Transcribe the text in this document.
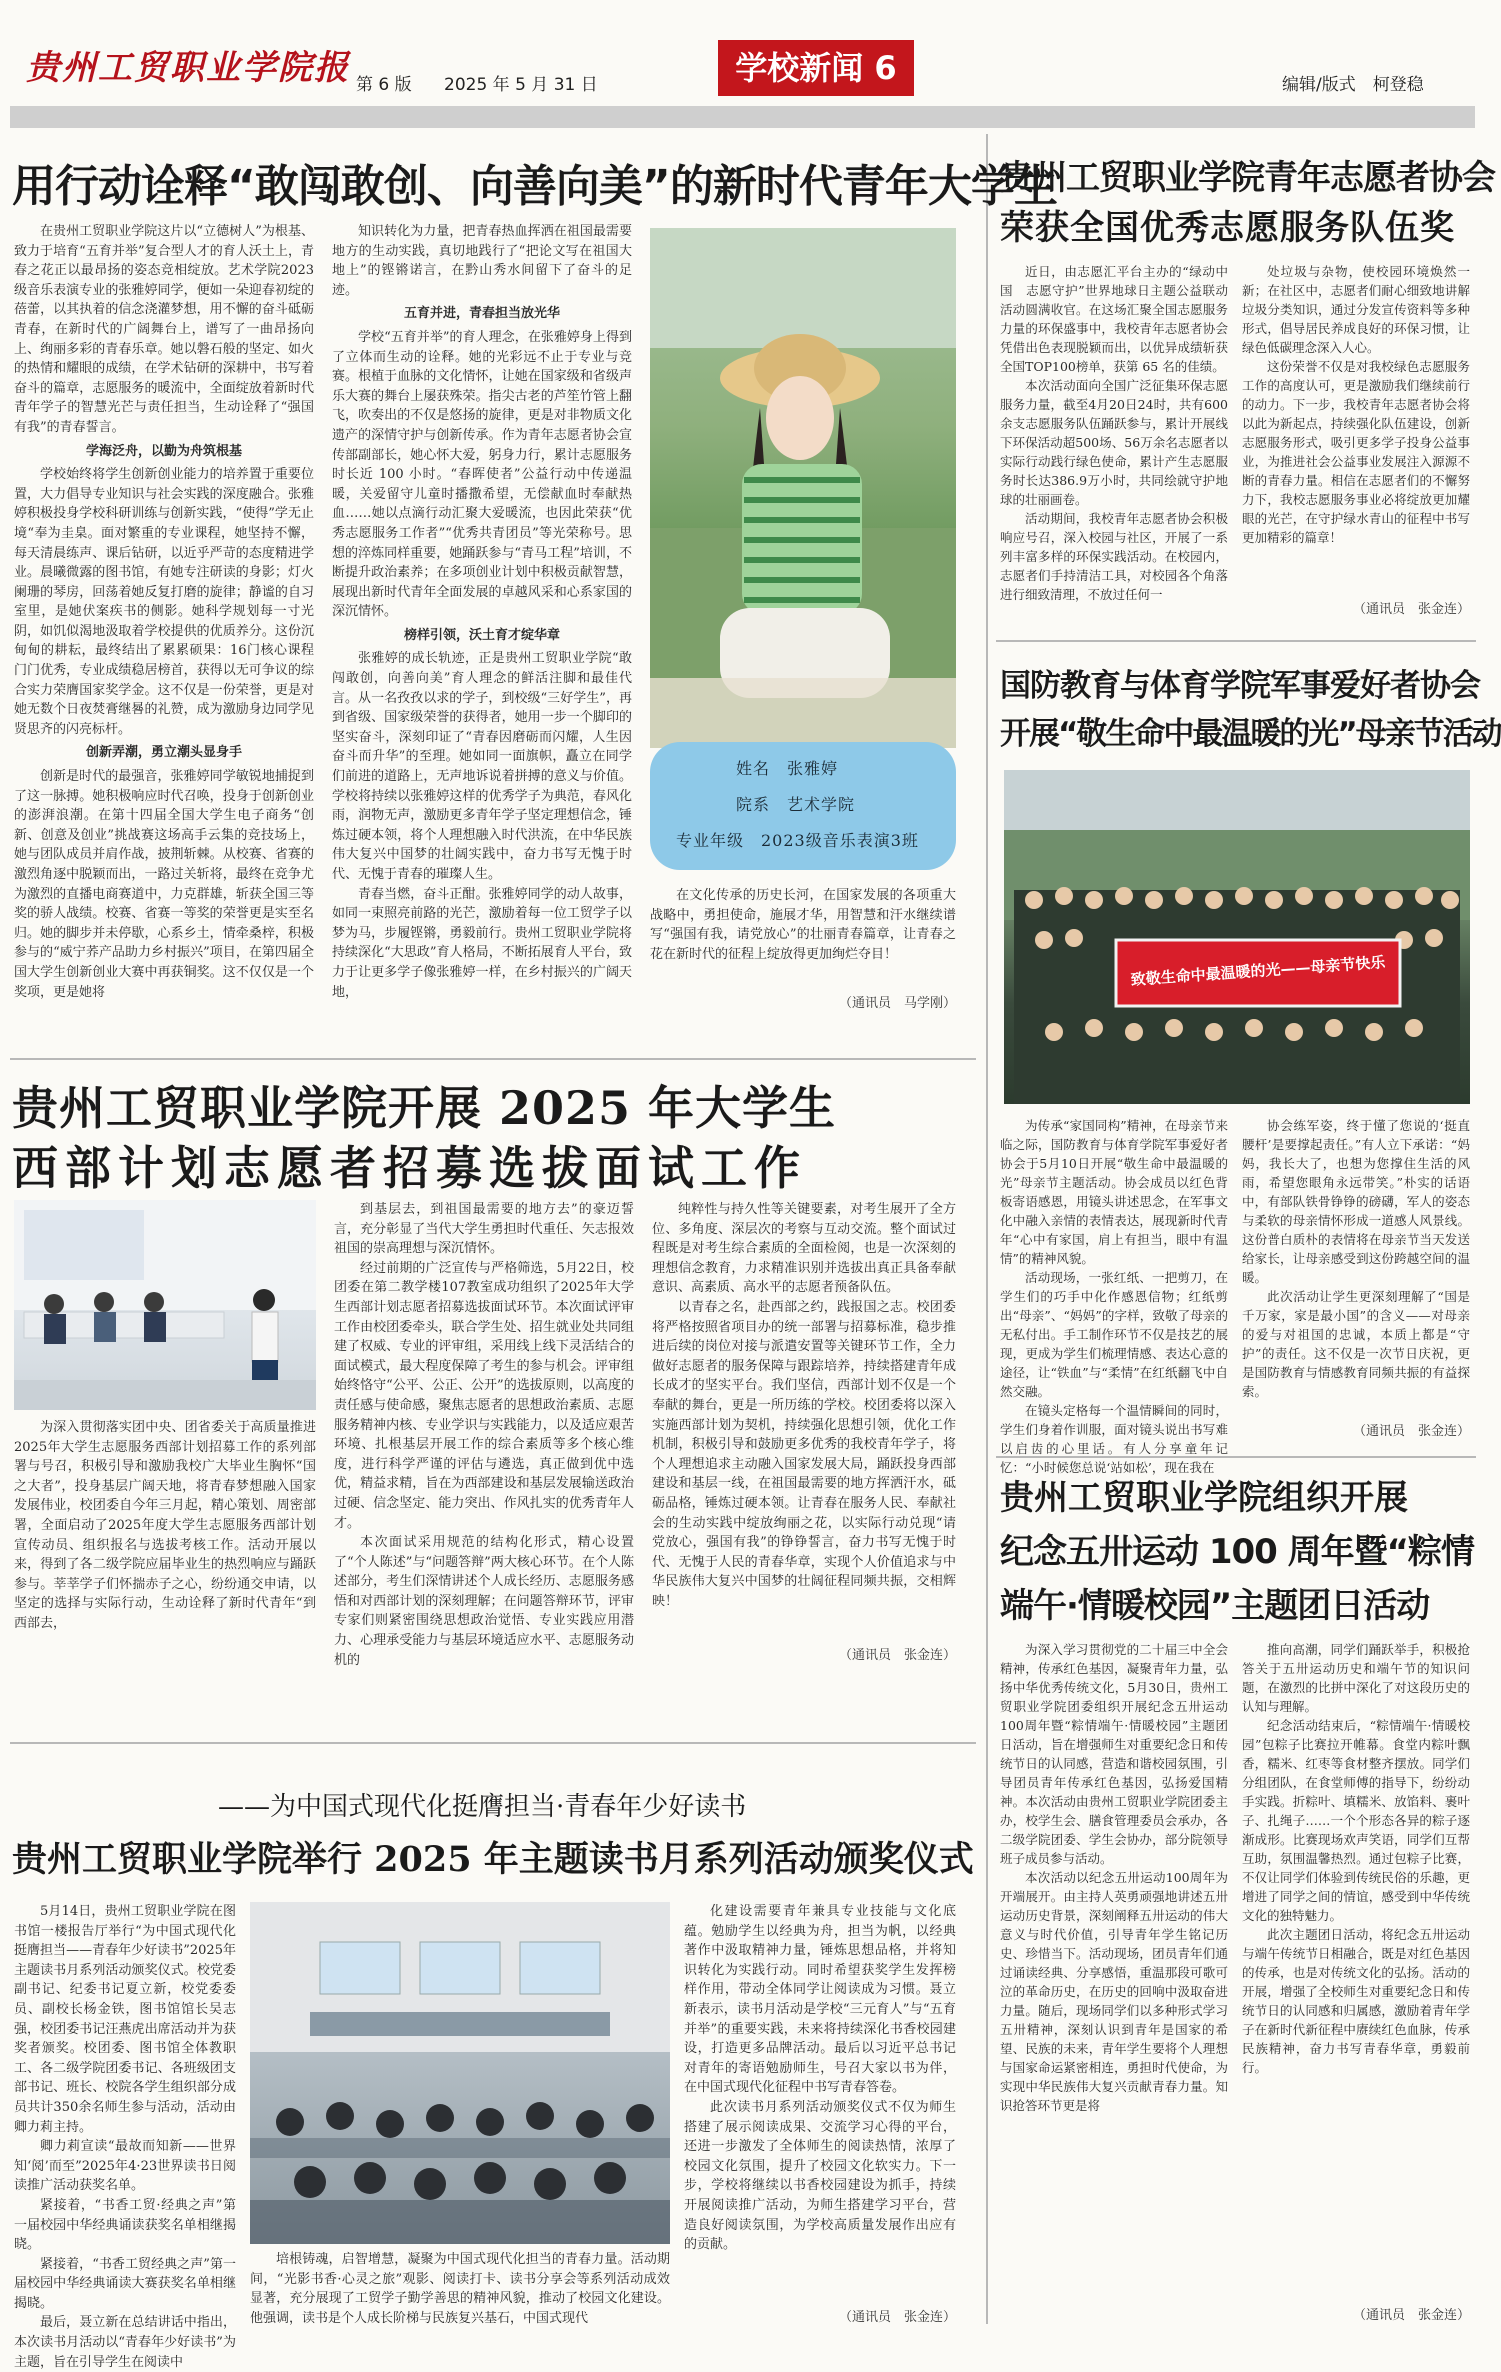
贵州工贸职业学院报 第 6 版 2025 年 5 月 31 日	学校新闻 6	编辑/版式　柯登稳
用行动诠释“敢闯敢创、向善向美”的新时代青年大学生

在贵州工贸职业学院这片以“立德树人”为根基、致力于培育“五育并举”复合型人才的育人沃土上，青春之花正以最昂扬的姿态竞相绽放。艺术学院2023级音乐表演专业的张雅婷同学，便如一朵迎春初绽的蓓蕾，以其执着的信念浇灌梦想，用不懈的奋斗砥砺青春，在新时代的广阔舞台上，谱写了一曲昂扬向上、绚丽多彩的青春乐章。她以磐石般的坚定、如火的热情和耀眼的成绩，在学术钻研的深耕中，书写着奋斗的篇章，志愿服务的暖流中，全面绽放着新时代青年学子的智慧光芒与责任担当，生动诠释了“强国有我”的青春誓言。

学海泛舟，以勤为舟筑根基

学校始终将学生创新创业能力的培养置于重要位置，大力倡导专业知识与社会实践的深度融合。张雅婷积极投身学校科研训练与创新实践，“使得”学无止境“奉为圭臬。面对繁重的专业课程，她坚持不懈，每天清晨练声、课后钻研，以近乎严苛的态度精进学业。晨曦微露的图书馆，有她专注研读的身影；灯火阑珊的琴房，回荡着她反复打磨的旋律；静谧的自习室里，是她伏案疾书的侧影。她科学规划每一寸光阴，如饥似渴地汲取着学校提供的优质养分。这份沉甸甸的耕耘，最终结出了累累硕果：16门核心课程门门优秀，专业成绩稳居榜首，获得以无可争议的综合实力荣膺国家奖学金。这不仅是一份荣誉，更是对她无数个日夜焚膏继晷的礼赞，成为激励身边同学见贤思齐的闪亮标杆。

创新弄潮，勇立潮头显身手

创新是时代的最强音，张雅婷同学敏锐地捕捉到了这一脉搏。她积极响应时代召唤，投身于创新创业的澎湃浪潮。在第十四届全国大学生电子商务“创新、创意及创业”挑战赛这场高手云集的竞技场上，她与团队成员并肩作战，披荆斩棘。从校赛、省赛的激烈角逐中脱颖而出，一路过关斩将，最终在竞争尤为激烈的直播电商赛道中，力克群雄，斩获全国三等奖的骄人战绩。校赛、省赛一等奖的荣誉更是实至名归。她的脚步并未停歇，心系乡土，情牵桑梓，积极参与的“威宁荞产品助力乡村振兴”项目，在第四届全国大学生创新创业大赛中再获铜奖。这不仅仅是一个奖项，更是她将

知识转化为力量，把青春热血挥洒在祖国最需要地方的生动实践，真切地践行了“把论文写在祖国大地上”的铿锵诺言，在黔山秀水间留下了奋斗的足迹。

五育并进，青春担当放光华

学校“五育并举”的育人理念，在张雅婷身上得到了立体而生动的诠释。她的光彩远不止于专业与竞赛。根植于血脉的文化情怀，让她在国家级和省级声乐大赛的舞台上屡获殊荣。指尖古老的芦笙竹管上翻飞，吹奏出的不仅是悠扬的旋律，更是对非物质文化遗产的深情守护与创新传承。作为青年志愿者协会宣传部副部长，她心怀大爱，躬身力行，累计志愿服务时长近 100 小时。“春晖使者”公益行动中传递温暖，关爱留守儿童时播撒希望，无偿献血时奉献热血……她以点滴行动汇聚大爱暖流，也因此荣获“优秀志愿服务工作者”“优秀共青团员”等光荣称号。思想的淬炼同样重要，她踊跃参与“青马工程”培训，不断提升政治素养；在多项创业计划中积极贡献智慧，展现出新时代青年全面发展的卓越风采和心系家国的深沉情怀。

榜样引领，沃土育才绽华章

张雅婷的成长轨迹，正是贵州工贸职业学院“敢闯敢创，向善向美”育人理念的鲜活注脚和最佳代言。从一名孜孜以求的学子，到校级“三好学生”，再到省级、国家级荣誉的获得者，她用一步一个脚印的坚实奋斗，深刻印证了“青春因磨砺而闪耀，人生因奋斗而升华”的至理。她如同一面旗帜，矗立在同学们前进的道路上，无声地诉说着拼搏的意义与价值。学校将持续以张雅婷这样的优秀学子为典范，春风化雨，润物无声，激励更多青年学子坚定理想信念，锤炼过硬本领，将个人理想融入时代洪流，在中华民族伟大复兴中国梦的壮阔实践中，奋力书写无愧于时代、无愧于青春的璀璨人生。

青春当燃，奋斗正酣。张雅婷同学的动人故事，如同一束照亮前路的光芒，激励着每一位工贸学子以梦为马，步履铿锵，勇毅前行。贵州工贸职业学院将持续深化“大思政”育人格局，不断拓展育人平台，致力于让更多学子像张雅婷一样，在乡村振兴的广阔天地，

姓名　张雅婷
院系　艺术学院
专业年级　2023级音乐表演3班

在文化传承的历史长河，在国家发展的各项重大战略中，勇担使命，施展才华，用智慧和汗水继续谱写“强国有我，请党放心”的壮丽青春篇章，让青春之花在新时代的征程上绽放得更加绚烂夺目！

（通讯员　马学刚）
贵州工贸职业学院开展 2025 年大学生
西部计划志愿者招募选拔面试工作

为深入贯彻落实团中央、团省委关于高质量推进2025年大学生志愿服务西部计划招募工作的系列部署与号召，积极引导和激励我校广大毕业生胸怀“国之大者”，投身基层广阔天地，将青春梦想融入国家发展伟业，校团委自今年三月起，精心策划、周密部署，全面启动了2025年度大学生志愿服务西部计划宣传动员、组织报名与选拔考核工作。活动开展以来，得到了各二级学院应届毕业生的热烈响应与踊跃参与。莘莘学子们怀揣赤子之心，纷纷通交申请，以坚定的选择与实际行动，生动诠释了新时代青年“到西部去，

到基层去，到祖国最需要的地方去”的豪迈誓言，充分彰显了当代大学生勇担时代重任、矢志报效祖国的崇高理想与深沉情怀。

经过前期的广泛宣传与严格筛选，5月22日，校团委在第二教学楼107教室成功组织了2025年大学生西部计划志愿者招募选拔面试环节。本次面试评审工作由校团委牵头，联合学生处、招生就业处共同组建了权威、专业的评审组，采用线上线下灵活结合的面试模式，最大程度保障了考生的参与机会。评审组始终恪守“公平、公正、公开”的选拔原则，以高度的责任感与使命感，聚焦志愿者的思想政治素质、志愿服务精神内核、专业学识与实践能力，以及适应艰苦环境、扎根基层开展工作的综合素质等多个核心维度，进行科学严谨的评估与遴选，真正做到优中选优，精益求精，旨在为西部建设和基层发展输送政治过硬、信念坚定、能力突出、作风扎实的优秀青年人才。

本次面试采用规范的结构化形式，精心设置了“个人陈述”与“问题答辩”两大核心环节。在个人陈述部分，考生们深情讲述个人成长经历、志愿服务感悟和对西部计划的深刻理解；在问题答辩环节，评审专家们则紧密围绕思想政治觉悟、专业实践应用潜力、心理承受能力与基层环境适应水平、志愿服务动机的

纯粹性与持久性等关键要素，对考生展开了全方位、多角度、深层次的考察与互动交流。整个面试过程既是对考生综合素质的全面检阅，也是一次深刻的理想信念教育，力求精准识别并选拔出真正具备奉献意识、高素质、高水平的志愿者预备队伍。

以青春之名，赴西部之约，践报国之志。校团委将严格按照省项目办的统一部署与招募标准，稳步推进后续的岗位对接与派遣安置等关键环节工作，全力做好志愿者的服务保障与跟踪培养，持续搭建青年成长成才的坚实平台。我们坚信，西部计划不仅是一个奉献的舞台，更是一所历练的学校。校团委将以深入实施西部计划为契机，持续强化思想引领，优化工作机制，积极引导和鼓励更多优秀的我校青年学子，将个人理想追求主动融入国家发展大局，踊跃投身西部建设和基层一线，在祖国最需要的地方挥洒汗水，砥砺品格，锤炼过硬本领。让青春在服务人民、奉献社会的生动实践中绽放绚丽之花，以实际行动兑现“请党放心，强国有我”的铮铮誓言，奋力书写无愧于时代、无愧于人民的青春华章，实现个人价值追求与中华民族伟大复兴中国梦的壮阔征程同频共振，交相辉映！

（通讯员　张金连）
——为中国式现代化挺膺担当·青春年少好读书
贵州工贸职业学院举行 2025 年主题读书月系列活动颁奖仪式

5月14日，贵州工贸职业学院在图书馆一楼报告厅举行“为中国式现代化挺膺担当——青春年少好读书”2025年主题读书月系列活动颁奖仪式。校党委副书记、纪委书记夏立新，校党委委员、副校长杨金铁，图书馆馆长吴志强，校团委书记汪燕虎出席活动并为获奖者颁奖。校团委、图书馆全体教职工、各二级学院团委书记、各班级团支部书记、班长、校院各学生组织部分成员共计350余名师生参与活动，活动由卿力莉主持。

卿力莉宣读“最故而知新——世界知‘阅’而至”2025年4·23世界读书日阅读推广活动获奖名单。

紧接着，“书香工贸·经典之声”第一届校园中华经典诵读获奖名单相继揭晓。

紧接着，“书香工贸经典之声”第一届校园中华经典诵读大赛获奖名单相继揭晓。

最后，聂立新在总结讲话中指出，本次读书月活动以“青春年少好读书”为主题，旨在引导学生在阅读中

培根铸魂，启智增慧，凝聚为中国式现代化担当的青春力量。活动期间，“光影书香·心灵之旅”观影、阅读打卡、读书分享会等系列活动成效显著，充分展现了工贸学子勤学善思的精神风貌，推动了校园文化建设。他强调，读书是个人成长阶梯与民族复兴基石，中国式现代

化建设需要青年兼具专业技能与文化底蕴。勉励学生以经典为舟，担当为帆，以经典著作中汲取精神力量，锤炼思想品格，并将知识转化为实践行动。同时希望获奖学生发挥榜样作用，带动全体同学让阅读成为习惯。聂立新表示，读书月活动是学校“三元育人”与“五育并举”的重要实践，未来将持续深化书香校园建设，打造更多品牌活动。最后以习近平总书记对青年的寄语勉励师生，号召大家以书为伴，在中国式现代化征程中书写青春答卷。

此次读书月系列活动颁奖仪式不仅为师生搭建了展示阅读成果、交流学习心得的平台，还进一步激发了全体师生的阅读热情，浓厚了校园文化氛围，提升了校园文化软实力。下一步，学校将继续以书香校园建设为抓手，持续开展阅读推广活动，为师生搭建学习平台，营造良好阅读氛围，为学校高质量发展作出应有的贡献。

（通讯员　张金连）
贵州工贸职业学院青年志愿者协会
荣获全国优秀志愿服务队伍奖

近日，由志愿汇平台主办的“绿动中国　志愿守护”世界地球日主题公益联动活动圆满收官。在这场汇聚全国志愿服务力量的环保盛事中，我校青年志愿者协会凭借出色表现脱颖而出，以优异成绩斩获全国TOP100榜单，获第 65 名的佳绩。

本次活动面向全国广泛征集环保志愿服务力量，截至4月20日24时，共有600余支志愿服务队伍踊跃参与，累计开展线下环保活动超500场、56万余名志愿者以实际行动践行绿色使命，累计产生志愿服务时长达386.9万小时，共同绘就守护地球的壮丽画卷。

活动期间，我校青年志愿者协会积极响应号召，深入校园与社区，开展了一系列丰富多样的环保实践活动。在校园内，志愿者们手持清洁工具，对校园各个角落进行细致清理，不放过任何一

处垃圾与杂物，使校园环境焕然一新；在社区中，志愿者们耐心细致地讲解垃圾分类知识，通过分发宣传资料等多种形式，倡导居民养成良好的环保习惯，让绿色低碳理念深入人心。

这份荣誉不仅是对我校绿色志愿服务工作的高度认可，更是激励我们继续前行的动力。下一步，我校青年志愿者协会将以此为新起点，持续强化队伍建设，创新志愿服务形式，吸引更多学子投身公益事业，为推进社会公益事业发展注入源源不断的青春力量。相信在志愿者们的不懈努力下，我校志愿服务事业必将绽放更加耀眼的光芒，在守护绿水青山的征程中书写更加精彩的篇章！

（通讯员　张金连）
国防教育与体育学院军事爱好者协会
开展“敬生命中最温暖的光”母亲节活动
致敬生命中最温暖的光——母亲节快乐

为传承“家国同构”精神，在母亲节来临之际，国防教育与体育学院军事爱好者协会于5月10日开展“敬生命中最温暖的光”母亲节主题活动。协会成员以红色背板寄语感恩，用镜头讲述思念，在军事文化中融入亲情的表情表达，展现新时代青年“心中有家国，肩上有担当，眼中有温情”的精神风貌。

活动现场，一张红纸、一把剪刀，在学生们的巧手中化作感恩信物；红纸剪出“母亲”、“妈妈”的字样，致敬了母亲的无私付出。手工制作环节不仅是技艺的展现，更成为学生们梳理情感、表达心意的途径，让“铁血”与“柔情”在红纸翻飞中自然交融。

在镜头定格每一个温情瞬间的同时，学生们身着作训服，面对镜头说出书写难以启齿的心里话。有人分享童年记忆：“小时候您总说‘站如松’，现在我在

协会练军姿，终于懂了您说的‘挺直腰杆’是要撑起责任。”有人立下承诺：“妈妈，我长大了，也想为您撑住生活的风雨，希望您眼角永远带笑。”朴实的话语中，有部队铁骨铮铮的磅礴，军人的姿态与柔软的母亲情怀形成一道感人风景线。这份普白质朴的表情将在母亲节当天发送给家长，让母亲感受到这份跨越空间的温暖。

此次活动让学生更深刻理解了“国是千万家，家是最小国”的含义——对母亲的爱与对祖国的忠诚，本质上都是“守护”的责任。这不仅是一次节日庆祝，更是国防教育与情感教育同频共振的有益探索。

（通讯员　张金连）
贵州工贸职业学院组织开展
纪念五卅运动 100 周年暨“粽情
端午·情暖校园”主题团日活动

为深入学习贯彻党的二十届三中全会精神，传承红色基因，凝聚青年力量，弘扬中华优秀传统文化，5月30日，贵州工贸职业学院团委组织开展纪念五卅运动100周年暨“粽情端午·情暖校园”主题团日活动，旨在增强师生对重要纪念日和传统节日的认同感，营造和谐校园氛围，引导团员青年传承红色基因，弘扬爱国精神。本次活动由贵州工贸职业学院团委主办，校学生会、膳食管理委员会承办，各二级学院团委、学生会协办，部分院领导班子成员参与活动。

本次活动以纪念五卅运动100周年为开端展开。由主持人英勇顽强地讲述五卅运动历史背景，深刻阐释五卅运动的伟大意义与时代价值，引导青年学生铭记历史、珍惜当下。活动现场，团员青年们通过诵读经典、分享感悟，重温那段可歌可泣的革命历史，在历史的回响中汲取奋进力量。随后，现场同学们以多种形式学习五卅精神，深刻认识到青年是国家的希望、民族的未来，青年学生要将个人理想与国家命运紧密相连，勇担时代使命，为实现中华民族伟大复兴贡献青春力量。知识抢答环节更是将

推向高潮，同学们踊跃举手，积极抢答关于五卅运动历史和端午节的知识问题，在激烈的比拼中深化了对这段历史的认知与理解。

纪念活动结束后，“粽情端午·情暖校园”包粽子比赛拉开帷幕。食堂内粽叶飘香，糯米、红枣等食材整齐摆放。同学们分组团队，在食堂师傅的指导下，纷纷动手实践。折粽叶、填糯米、放馅料、裹叶子、扎绳子……一个个形态各异的粽子逐渐成形。比赛现场欢声笑语，同学们互帮互助，氛围温馨热烈。通过包粽子比赛，不仅让同学们体验到传统民俗的乐趣，更增进了同学之间的情谊，感受到中华传统文化的独特魅力。

此次主题团日活动，将纪念五卅运动与端午传统节日相融合，既是对红色基因的传承，也是对传统文化的弘扬。活动的开展，增强了全校师生对重要纪念日和传统节日的认同感和归属感，激励着青年学子在新时代新征程中赓续红色血脉，传承民族精神，奋力书写青春华章，勇毅前行。

（通讯员　张金连）
